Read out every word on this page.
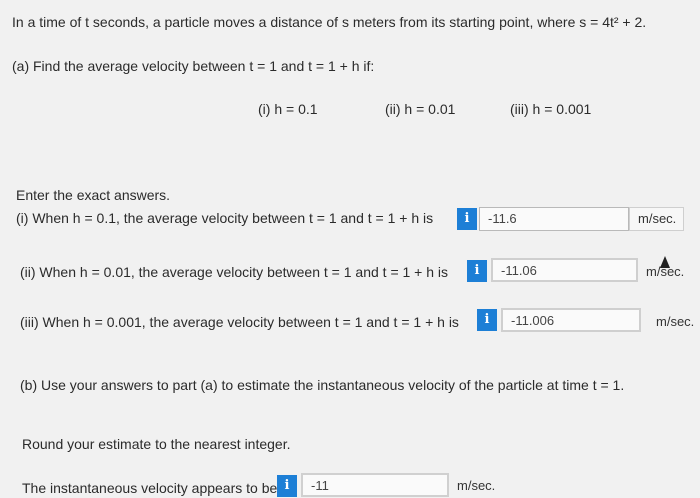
In a time of t seconds, a particle moves a distance of s meters from its starting point, where s = 4t² + 2.
(a) Find the average velocity between t = 1 and t = 1 + h if:
(i) h = 0.1	(ii) h = 0.01	(iii) h = 0.001
Enter the exact answers.
(i) When h = 0.1, the average velocity between t = 1 and t = 1 + h is	i	-11.6	m/sec.
(ii) When h = 0.01, the average velocity between t = 1 and t = 1 + h is	i	-11.06	m/sec.
(iii) When h = 0.001, the average velocity between t = 1 and t = 1 + h is	i	-11.006	m/sec.
(b) Use your answers to part (a) to estimate the instantaneous velocity of the particle at time t = 1.
Round your estimate to the nearest integer.
The instantaneous velocity appears to be i	-11	m/sec.
